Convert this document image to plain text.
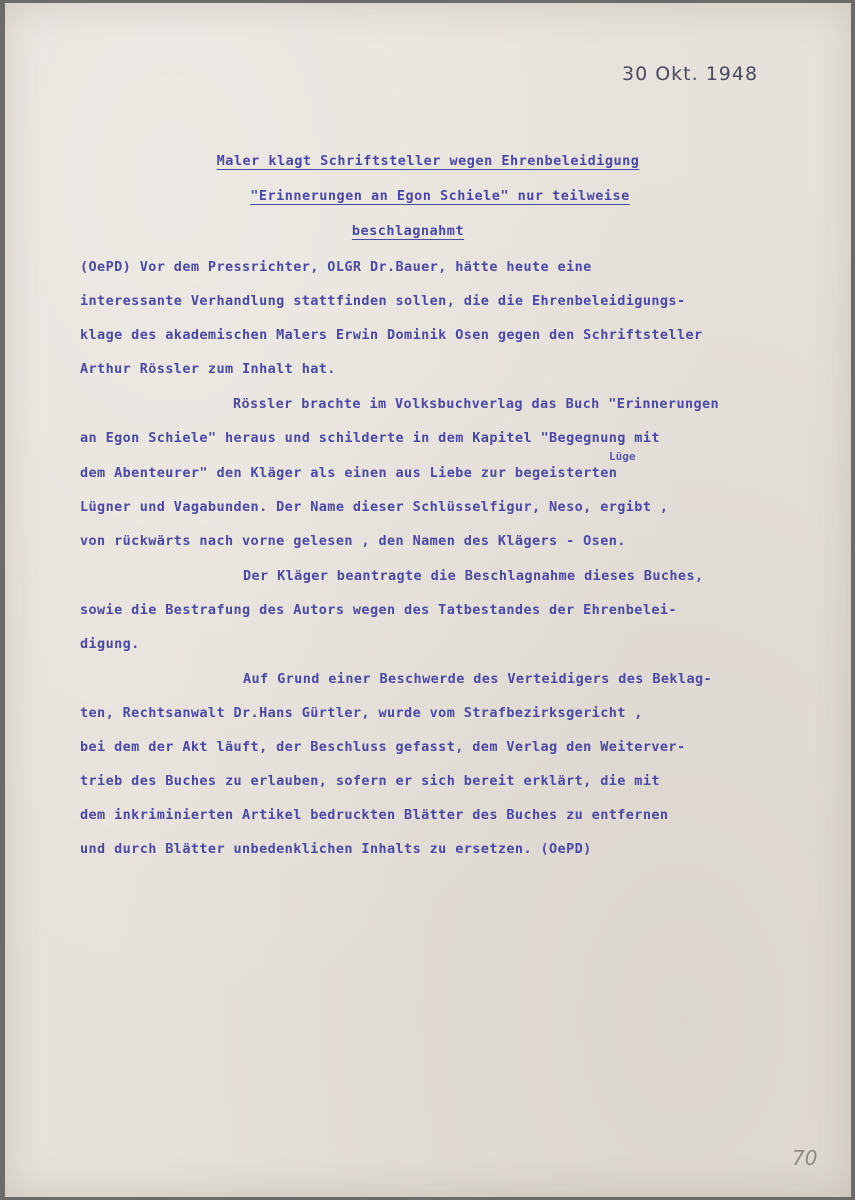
30 Okt. 1948
Maler klagt Schriftsteller wegen Ehrenbeleidigung
"Erinnerungen an Egon Schiele" nur teilweise
beschlagnahmt
(OePD) Vor dem Pressrichter, OLGR Dr.Bauer, hätte heute eine
interessante Verhandlung stattfinden sollen, die die Ehrenbeleidigungs-
klage des akademischen Malers Erwin Dominik Osen gegen den Schriftsteller
Arthur Rössler zum Inhalt hat.
Rössler brachte im Volksbuchverlag das Buch "Erinnerungen
an Egon Schiele" heraus und schilderte in dem Kapitel "Begegnung mit
Lüge
dem Abenteurer" den Kläger als einen aus Liebe zur begeisterten
Lügner und Vagabunden. Der Name dieser Schlüsselfigur, Neso, ergibt ,
von rückwärts nach vorne gelesen , den Namen des Klägers - Osen.
Der Kläger beantragte die Beschlagnahme dieses Buches,
sowie die Bestrafung des Autors wegen des Tatbestandes der Ehrenbelei-
digung.
Auf Grund einer Beschwerde des Verteidigers des Beklag-
ten, Rechtsanwalt Dr.Hans Gürtler, wurde vom Strafbezirksgericht ,
bei dem der Akt läuft, der Beschluss gefasst, dem Verlag den Weiterver-
trieb des Buches zu erlauben, sofern er sich bereit erklärt, die mit
dem inkriminierten Artikel bedruckten Blätter des Buches zu entfernen
und durch Blätter unbedenklichen Inhalts zu ersetzen. (OePD)
70
